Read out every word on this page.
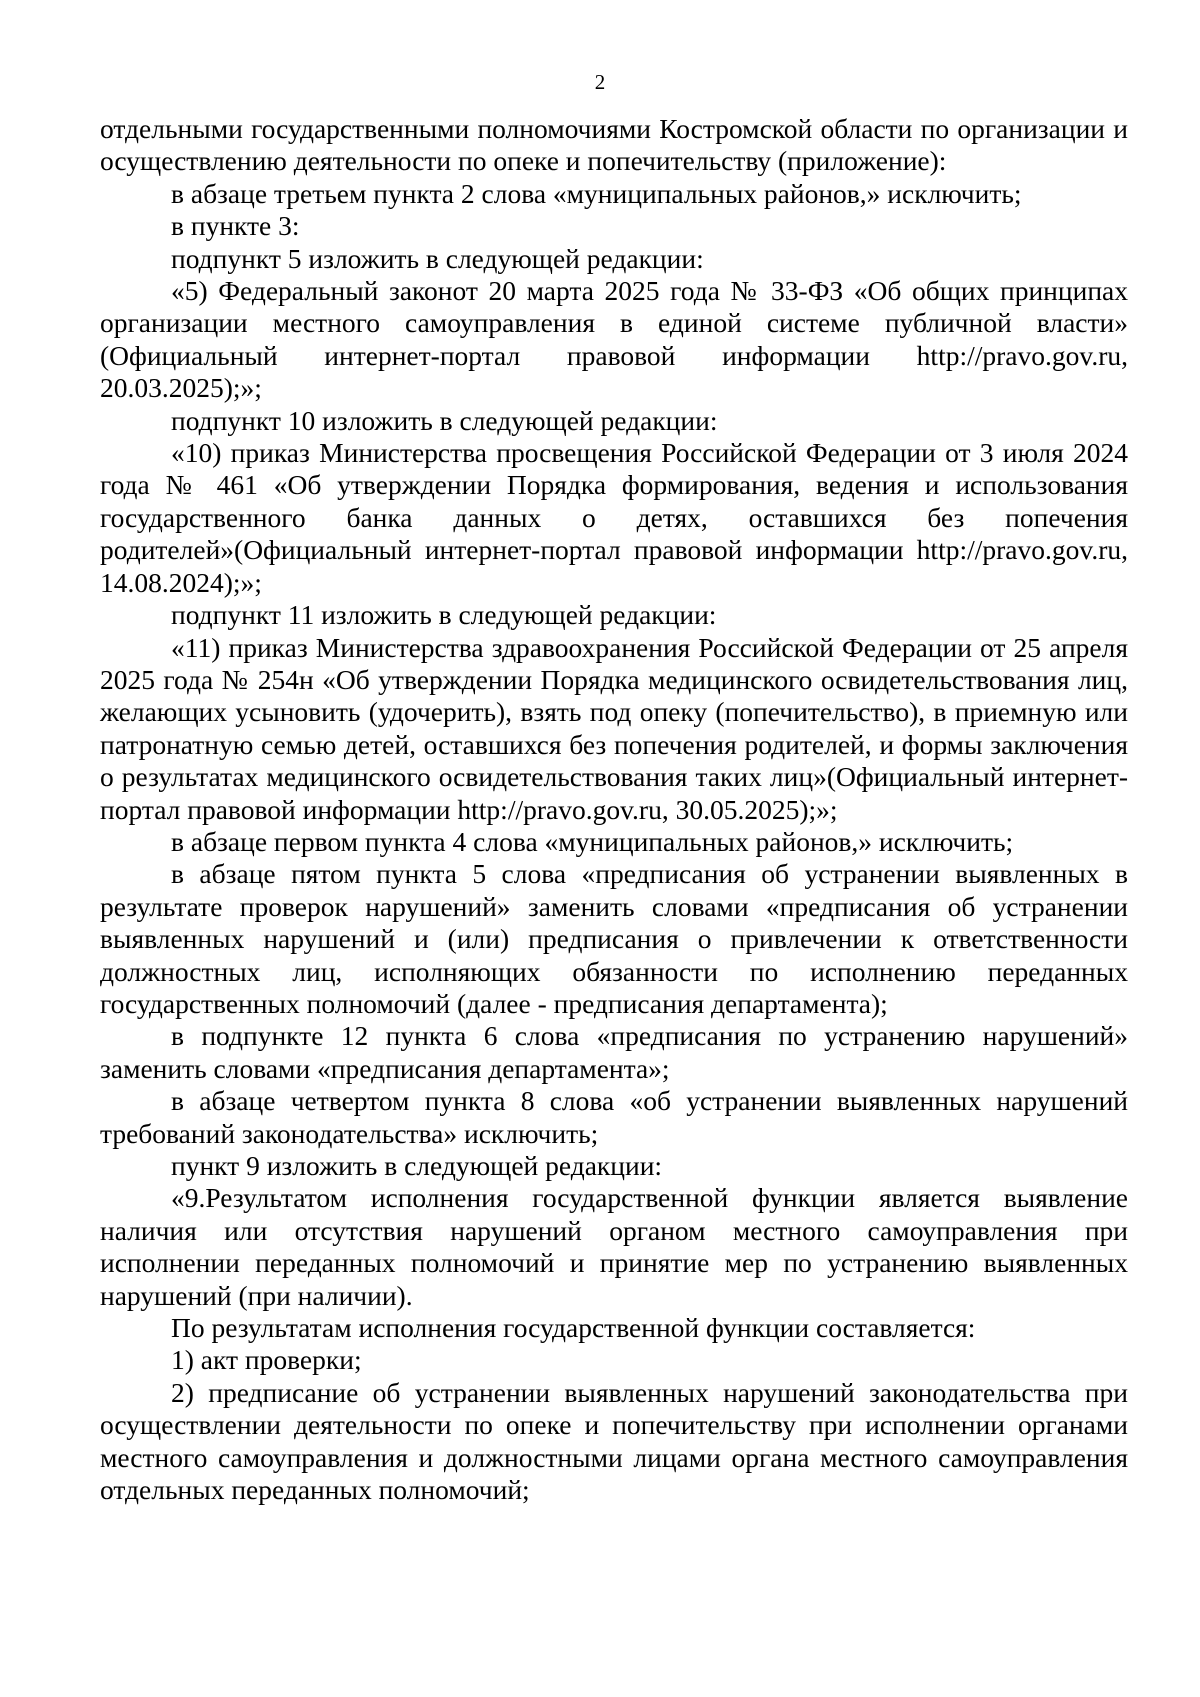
2

отдельными государственными полномочиями Костромской области по организации и осуществлению деятельности по опеке и попечительству (приложение):

в абзаце третьем пункта 2 слова «муниципальных районов,» исключить;

в пункте 3:

подпункт 5 изложить в следующей редакции:

«5) Федеральный законот 20 марта 2025 года № 33-ФЗ «Об общих принципах организации местного самоуправления в единой системе публичной власти» (Официальный интернет-портал правовой информации http://pravo.gov.ru, 20.03.2025);»;

подпункт 10 изложить в следующей редакции:

«10) приказ Министерства просвещения Российской Федерации от 3 июля 2024 года № 461 «Об утверждении Порядка формирования, ведения и использования государственного банка данных о детях, оставшихся без попечения родителей»(Официальный интернет-портал правовой информации http://pravo.gov.ru, 14.08.2024);»;

подпункт 11 изложить в следующей редакции:

«11) приказ Министерства здравоохранения Российской Федерации от 25 апреля 2025 года № 254н «Об утверждении Порядка медицинского освидетельствования лиц, желающих усыновить (удочерить), взять под опеку (попечительство), в приемную или патронатную семью детей, оставшихся без попечения родителей, и формы заключения о результатах медицинского освидетельствования таких лиц»(Официальный интернет-портал правовой информации http://pravo.gov.ru, 30.05.2025);»;

в абзаце первом пункта 4 слова «муниципальных районов,» исключить;

в абзаце пятом пункта 5 слова «предписания об устранении выявленных в результате проверок нарушений» заменить словами «предписания об устранении выявленных нарушений и (или) предписания о привлечении к ответственности должностных лиц, исполняющих обязанности по исполнению переданных государственных полномочий (далее - предписания департамента);

в подпункте 12 пункта 6 слова «предписания по устранению нарушений» заменить словами «предписания департамента»;

в абзаце четвертом пункта 8 слова «об устранении выявленных нарушений требований законодательства» исключить;

пункт 9 изложить в следующей редакции:

«9.Результатом исполнения государственной функции является выявление наличия или отсутствия нарушений органом местного самоуправления при исполнении переданных полномочий и принятие мер по устранению выявленных нарушений (при наличии).

По результатам исполнения государственной функции составляется:

1) акт проверки;

2) предписание об устранении выявленных нарушений законодательства при осуществлении деятельности по опеке и попечительству при исполнении органами местного самоуправления и должностными лицами органа местного самоуправления отдельных переданных полномочий;
